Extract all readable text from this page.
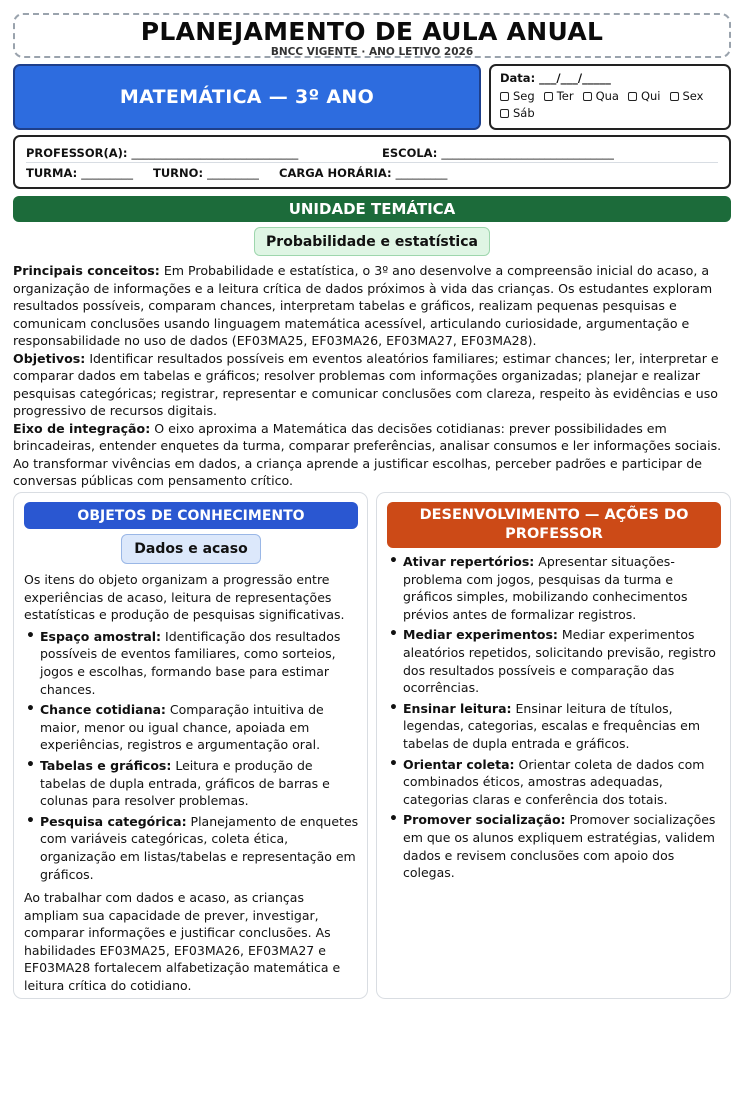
PLANEJAMENTO DE AULA ANUAL
BNCC VIGENTE · ANO LETIVO 2026
MATEMÁTICA — 3º ANO
Data: ___/___/_____
Seg Ter Qua Qui Sex
Sáb
PROFESSOR(A): _____________________________	ESCOLA: ______________________________
TURMA: _________	TURNO: _________	CARGA HORÁRIA: _________
UNIDADE TEMÁTICA
Probabilidade e estatística

Principais conceitos: Em Probabilidade e estatística, o 3º ano desenvolve a compreensão inicial do acaso, a organização de informações e a leitura crítica de dados próximos à vida das crianças. Os estudantes exploram resultados possíveis, comparam chances, interpretam tabelas e gráficos, realizam pequenas pesquisas e comunicam conclusões usando linguagem matemática acessível, articulando curiosidade, argumentação e responsabilidade no uso de dados (EF03MA25, EF03MA26, EF03MA27, EF03MA28).

Objetivos: Identificar resultados possíveis em eventos aleatórios familiares; estimar chances; ler, interpretar e comparar dados em tabelas e gráficos; resolver problemas com informações organizadas; planejar e realizar pesquisas categóricas; registrar, representar e comunicar conclusões com clareza, respeito às evidências e uso progressivo de recursos digitais.

Eixo de integração: O eixo aproxima a Matemática das decisões cotidianas: prever possibilidades em brincadeiras, entender enquetes da turma, comparar preferências, analisar consumos e ler informações sociais. Ao transformar vivências em dados, a criança aprende a justificar escolhas, perceber padrões e participar de conversas públicas com pensamento crítico.

OBJETOS DE CONHECIMENTO
Dados e acaso

Os itens do objeto organizam a progressão entre experiências de acaso, leitura de representações estatísticas e produção de pesquisas significativas.

• Espaço amostral: Identificação dos resultados possíveis de eventos familiares, como sorteios, jogos e escolhas, formando base para estimar chances.
• Chance cotidiana: Comparação intuitiva de maior, menor ou igual chance, apoiada em experiências, registros e argumentação oral.
• Tabelas e gráficos: Leitura e produção de tabelas de dupla entrada, gráficos de barras e colunas para resolver problemas.
• Pesquisa categórica: Planejamento de enquetes com variáveis categóricas, coleta ética, organização em listas/tabelas e representação em gráficos.

Ao trabalhar com dados e acaso, as crianças ampliam sua capacidade de prever, investigar, comparar informações e justificar conclusões. As habilidades EF03MA25, EF03MA26, EF03MA27 e EF03MA28 fortalecem alfabetização matemática e leitura crítica do cotidiano.

DESENVOLVIMENTO — AÇÕES DO PROFESSOR
• Ativar repertórios: Apresentar situações-problema com jogos, pesquisas da turma e gráficos simples, mobilizando conhecimentos prévios antes de formalizar registros.
• Mediar experimentos: Mediar experimentos aleatórios repetidos, solicitando previsão, registro dos resultados possíveis e comparação das ocorrências.
• Ensinar leitura: Ensinar leitura de títulos, legendas, categorias, escalas e frequências em tabelas de dupla entrada e gráficos.
• Orientar coleta: Orientar coleta de dados com combinados éticos, amostras adequadas, categorias claras e conferência dos totais.
• Promover socialização: Promover socializações em que os alunos expliquem estratégias, validem dados e revisem conclusões com apoio dos colegas.
